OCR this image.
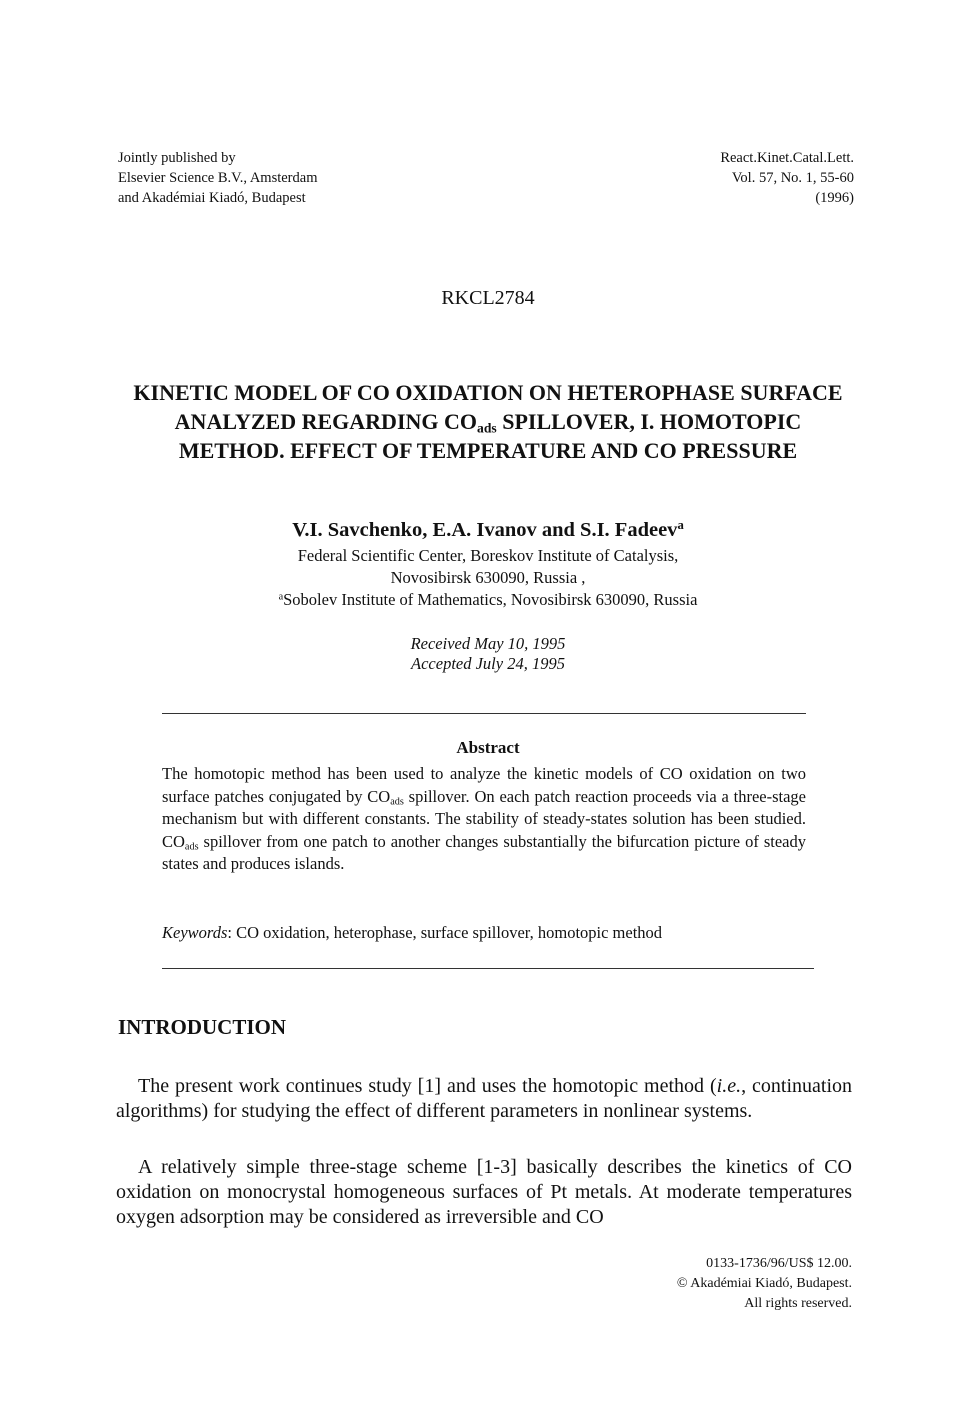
Jointly published by
Elsevier Science B.V., Amsterdam
and Akadémiai Kiadó, Budapest
React.Kinet.Catal.Lett.
Vol. 57, No. 1, 55-60
(1996)
RKCL2784
KINETIC MODEL OF CO OXIDATION ON HETEROPHASE SURFACE ANALYZED REGARDING $CO_{ads}$ SPILLOVER, I. HOMOTOPIC METHOD. EFFECT OF TEMPERATURE AND CO PRESSURE
V.I. Savchenko, E.A. Ivanov and S.I. Fadeev$^a$
Federal Scientific Center, Boreskov Institute of Catalysis,
Novosibirsk 630090, Russia ,
$^a$Sobolev Institute of Mathematics, Novosibirsk 630090, Russia
Received May 10, 1995
Accepted July 24, 1995
Abstract
The homotopic method has been used to analyze the kinetic models of CO oxidation on two surface patches conjugated by $CO_{ads}$ spillover. On each patch reaction proceeds via a three-stage mechanism but with different constants. The stability of steady-states solution has been studied. $CO_{ads}$ spillover from one patch to another changes substantially the bifurcation picture of steady states and produces islands.
Keywords: CO oxidation, heterophase, surface spillover, homotopic method
INTRODUCTION
The present work continues study [1] and uses the homotopic method (i.e., continuation algorithms) for studying the effect of different parameters in nonlinear systems.
A relatively simple three-stage scheme [1-3] basically describes the kinetics of CO oxidation on monocrystal homogeneous surfaces of Pt metals. At moderate temperatures oxygen adsorption may be considered as irreversible and CO
0133-1736/96/US$ 12.00.
© Akadémiai Kiadó, Budapest.
All rights reserved.
